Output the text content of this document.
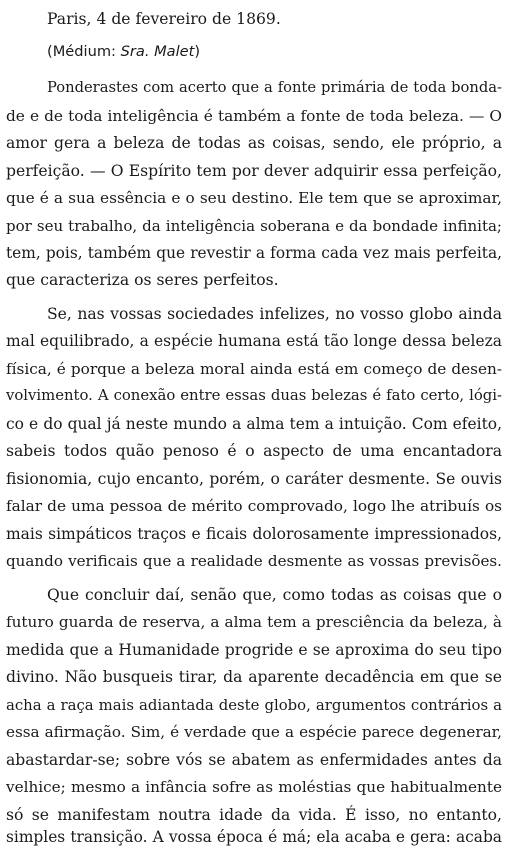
Paris, 4 de fevereiro de 1869.
(Médium: Sra. Malet)
Ponderastes com acerto que a fonte primária de toda bonda-
de e de toda inteligência é também a fonte de toda beleza. — O
amor gera a beleza de todas as coisas, sendo, ele próprio, a
perfeição. — O Espírito tem por dever adquirir essa perfeição,
que é a sua essência e o seu destino. Ele tem que se aproximar,
por seu trabalho, da inteligência soberana e da bondade infinita;
tem, pois, também que revestir a forma cada vez mais perfeita,
que caracteriza os seres perfeitos.
Se, nas vossas sociedades infelizes, no vosso globo ainda
mal equilibrado, a espécie humana está tão longe dessa beleza
física, é porque a beleza moral ainda está em começo de desen-
volvimento. A conexão entre essas duas belezas é fato certo, lógi-
co e do qual já neste mundo a alma tem a intuição. Com efeito,
sabeis todos quão penoso é o aspecto de uma encantadora
fisionomia, cujo encanto, porém, o caráter desmente. Se ouvis
falar de uma pessoa de mérito comprovado, logo lhe atribuís os
mais simpáticos traços e ficais dolorosamente impressionados,
quando verificais que a realidade desmente as vossas previsões.
Que concluir daí, senão que, como todas as coisas que o
futuro guarda de reserva, a alma tem a presciência da beleza, à
medida que a Humanidade progride e se aproxima do seu tipo
divino. Não busqueis tirar, da aparente decadência em que se
acha a raça mais adiantada deste globo, argumentos contrários a
essa afirmação. Sim, é verdade que a espécie parece degenerar,
abastardar-se; sobre vós se abatem as enfermidades antes da
velhice; mesmo a infância sofre as moléstias que habitualmente
só se manifestam noutra idade da vida. É isso, no entanto,
simples transição. A vossa época é má; ela acaba e gera: acaba
